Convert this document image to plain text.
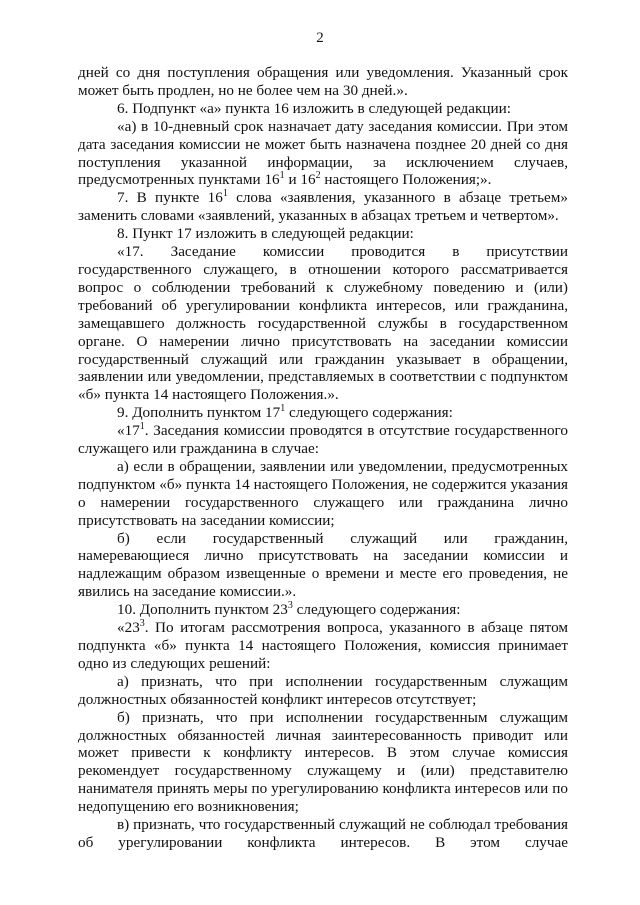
2

дней со дня поступления обращения или уведомления. Указанный срок может быть продлен, но не более чем на 30 дней.».

6. Подпункт «а» пункта 16 изложить в следующей редакции:

«а) в 10-дневный срок назначает дату заседания комиссии. При этом дата заседания комиссии не может быть назначена позднее 20 дней со дня поступления указанной информации, за исключением случаев, предусмотренных пунктами $16^1$ и $16^2$ настоящего Положения;».

7. В пункте $16^1$ слова «заявления, указанного в абзаце третьем» заменить словами «заявлений, указанных в абзацах третьем и четвертом».

8. Пункт 17 изложить в следующей редакции:

«17. Заседание комиссии проводится в присутствии государственного служащего, в отношении которого рассматривается вопрос о соблюдении требований к служебному поведению и (или) требований об урегулировании конфликта интересов, или гражданина, замещавшего должность государственной службы в государственном органе. О намерении лично присутствовать на заседании комиссии государственный служащий или гражданин указывает в обращении, заявлении или уведомлении, представляемых в соответствии с подпунктом «б» пункта 14 настоящего Положения.».

9. Дополнить пунктом $17^1$ следующего содержания:

«$17^1$. Заседания комиссии проводятся в отсутствие государственного служащего или гражданина в случае:

а) если в обращении, заявлении или уведомлении, предусмотренных подпунктом «б» пункта 14 настоящего Положения, не содержится указания о намерении государственного служащего или гражданина лично присутствовать на заседании комиссии;

б) если государственный служащий или гражданин, намеревающиеся лично присутствовать на заседании комиссии и надлежащим образом извещенные о времени и месте его проведения, не явились на заседание комиссии.».

10. Дополнить пунктом $23^3$ следующего содержания:

«$23^3$. По итогам рассмотрения вопроса, указанного в абзаце пятом подпункта «б» пункта 14 настоящего Положения, комиссия принимает одно из следующих решений:

а) признать, что при исполнении государственным служащим должностных обязанностей конфликт интересов отсутствует;

б) признать, что при исполнении государственным служащим должностных обязанностей личная заинтересованность приводит или может привести к конфликту интересов. В этом случае комиссия рекомендует государственному служащему и (или) представителю нанимателя принять меры по урегулированию конфликта интересов или по недопущению его возникновения;

в) признать, что государственный служащий не соблюдал требования об урегулировании конфликта интересов. В этом случае
